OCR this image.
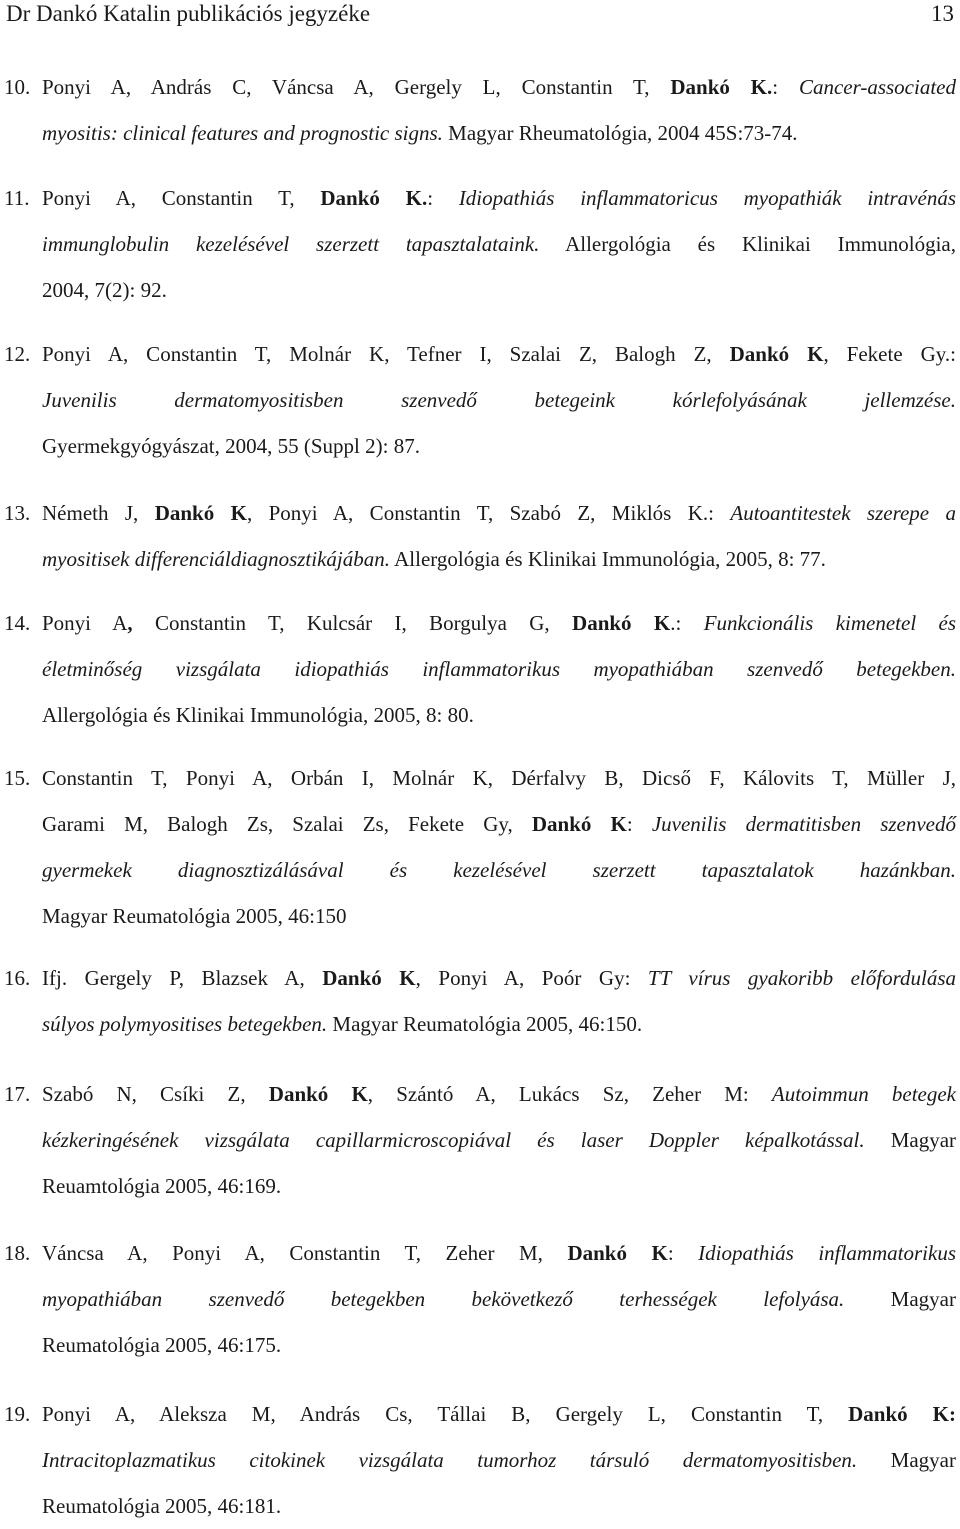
Dr Dankó Katalin publikációs jegyzéke	13
10. Ponyi A, András C, Váncsa A, Gergely L, Constantin T, Dankó K.: Cancer-associated
myositis: clinical features and prognostic signs. Magyar Rheumatológia, 2004 45S:73-74.
11. Ponyi A, Constantin T, Dankó K.: Idiopathiás inflammatoricus myopathiák intravénás
immunglobulin kezelésével szerzett tapasztalataink. Allergológia és Klinikai Immunológia,
2004, 7(2): 92.
12. Ponyi A, Constantin T, Molnár K, Tefner I, Szalai Z, Balogh Z, Dankó K, Fekete Gy.:
Juvenilis dermatomyositisben szenvedő betegeink kórlefolyásának jellemzése.
Gyermekgyógyászat, 2004, 55 (Suppl 2): 87.
13. Németh J, Dankó K, Ponyi A, Constantin T, Szabó Z, Miklós K.: Autoantitestek szerepe a
myositisek differenciáldiagnosztikájában. Allergológia és Klinikai Immunológia, 2005, 8: 77.
14. Ponyi A, Constantin T, Kulcsár I, Borgulya G, Dankó K.: Funkcionális kimenetel és
életminőség vizsgálata idiopathiás inflammatorikus myopathiában szenvedő betegekben.
Allergológia és Klinikai Immunológia, 2005, 8: 80.
15. Constantin T, Ponyi A, Orbán I, Molnár K, Dérfalvy B, Dicső F, Kálovits T, Müller J,
Garami M, Balogh Zs, Szalai Zs, Fekete Gy, Dankó K: Juvenilis dermatitisben szenvedő
gyermekek diagnosztizálásával és kezelésével szerzett tapasztalatok hazánkban.
Magyar Reumatológia 2005, 46:150
16. Ifj. Gergely P, Blazsek A, Dankó K, Ponyi A, Poór Gy: TT vírus gyakoribb előfordulása
súlyos polymyositises betegekben. Magyar Reumatológia 2005, 46:150.
17. Szabó N, Csíki Z, Dankó K, Szántó A, Lukács Sz, Zeher M: Autoimmun betegek
kézkeringésének vizsgálata capillarmicroscopiával és laser Doppler képalkotással. Magyar
Reuamtológia 2005, 46:169.
18. Váncsa A, Ponyi A, Constantin T, Zeher M, Dankó K: Idiopathiás inflammatorikus
myopathiában szenvedő betegekben bekövetkező terhességek lefolyása. Magyar
Reumatológia 2005, 46:175.
19. Ponyi A, Aleksza M, András Cs, Tállai B, Gergely L, Constantin T, Dankó K:
Intracitoplazmatikus citokinek vizsgálata tumorhoz társuló dermatomyositisben. Magyar
Reumatológia 2005, 46:181.
